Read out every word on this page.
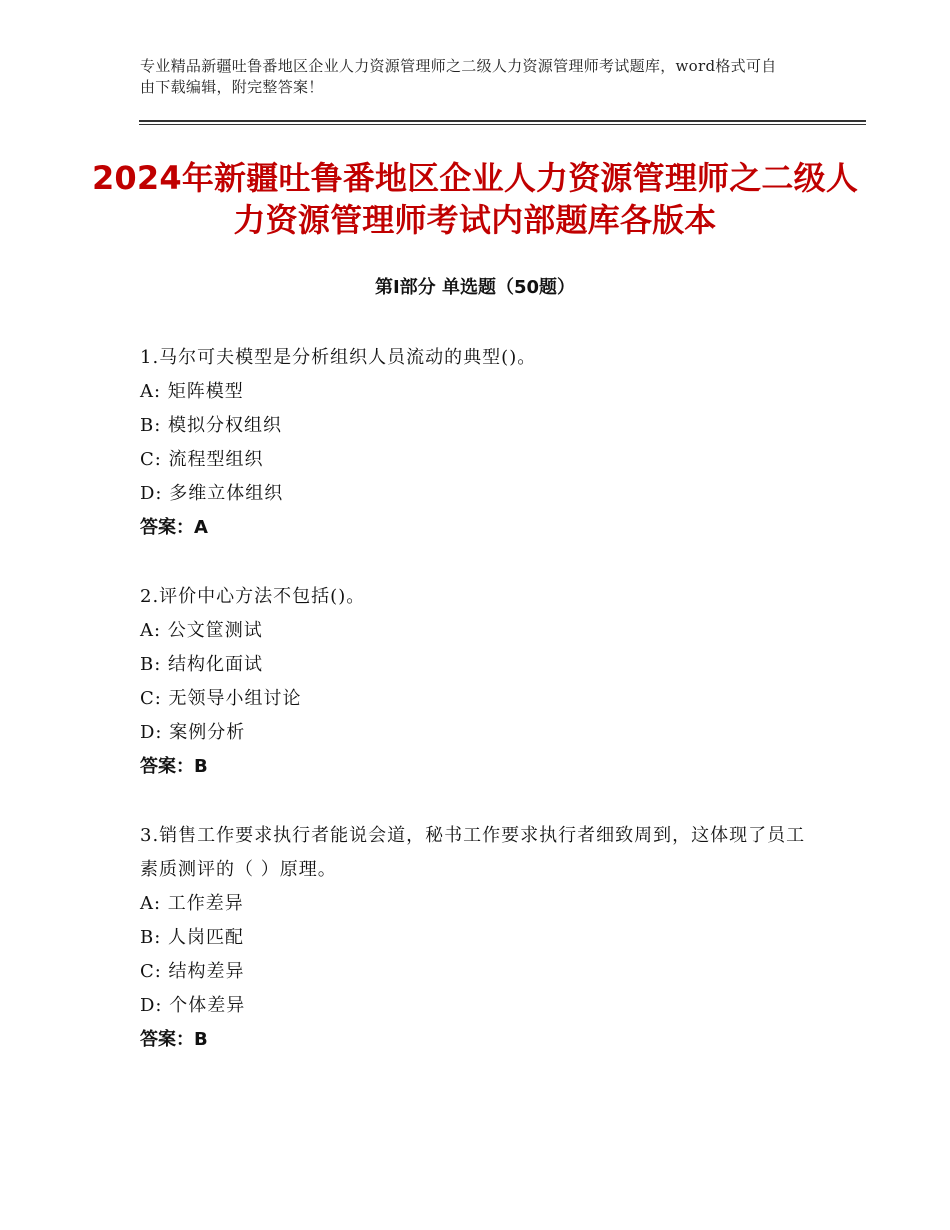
专业精品新疆吐鲁番地区企业人力资源管理师之二级人力资源管理师考试题库，word格式可自由下载编辑，附完整答案！
2024年新疆吐鲁番地区企业人力资源管理师之二级人力资源管理师考试内部题库各版本
第Ⅰ部分 单选题（50题）
1.马尔可夫模型是分析组织人员流动的典型()。
A: 矩阵模型
B: 模拟分权组织
C: 流程型组织
D: 多维立体组织
答案：A
2.评价中心方法不包括()。
A: 公文筐测试
B: 结构化面试
C: 无领导小组讨论
D: 案例分析
答案：B
3.销售工作要求执行者能说会道，秘书工作要求执行者细致周到，这体现了员工素质测评的（ ）原理。
A: 工作差异
B: 人岗匹配
C: 结构差异
D: 个体差异
答案：B
